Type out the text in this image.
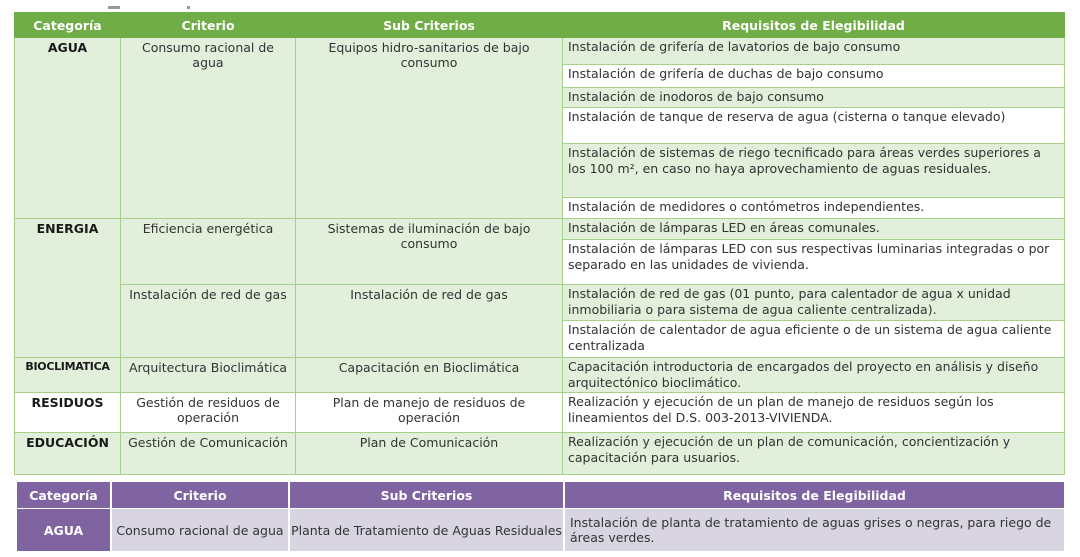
Categoría	Criterio	Sub Criterios	Requisitos de Elegibilidad
AGUA	Consumo racional de agua	Equipos hidro-sanitarios de bajo consumo	Instalación de grifería de lavatorios de bajo consumo
			Instalación de grifería de duchas de bajo consumo
			Instalación de inodoros de bajo consumo
			Instalación de tanque de reserva de agua (cisterna o tanque elevado)
			Instalación de sistemas de riego tecnificado para áreas verdes superiores a los 100 m², en caso no haya aprovechamiento de aguas residuales.
			Instalación de medidores o contómetros independientes.
ENERGIA	Eficiencia energética	Sistemas de iluminación de bajo consumo	Instalación de lámparas LED en áreas comunales.
			Instalación de lámparas LED con sus respectivas luminarias integradas o por separado en las unidades de vivienda.
	Instalación de red de gas	Instalación de red de gas	Instalación de red de gas (01 punto, para calentador de agua x unidad inmobiliaria o para sistema de agua caliente centralizada).
			Instalación de calentador de agua eficiente o de un sistema de agua caliente centralizada
BIOCLIMATICA	Arquitectura Bioclimática	Capacitación en Bioclimática	Capacitación introductoria de encargados del proyecto en análisis y diseño arquitectónico bioclimático.
RESIDUOS	Gestión de residuos de operación	Plan de manejo de residuos de operación	Realización y ejecución de un plan de manejo de residuos según los lineamientos del D.S. 003-2013-VIVIENDA.
EDUCACIÓN	Gestión de Comunicación	Plan de Comunicación	Realización y ejecución de un plan de comunicación, concientización y capacitación para usuarios.
Categoría	Criterio	Sub Criterios	Requisitos de Elegibilidad
AGUA	Consumo racional de agua	Planta de Tratamiento de Aguas Residuales	Instalación de planta de tratamiento de aguas grises o negras, para riego de áreas verdes.
